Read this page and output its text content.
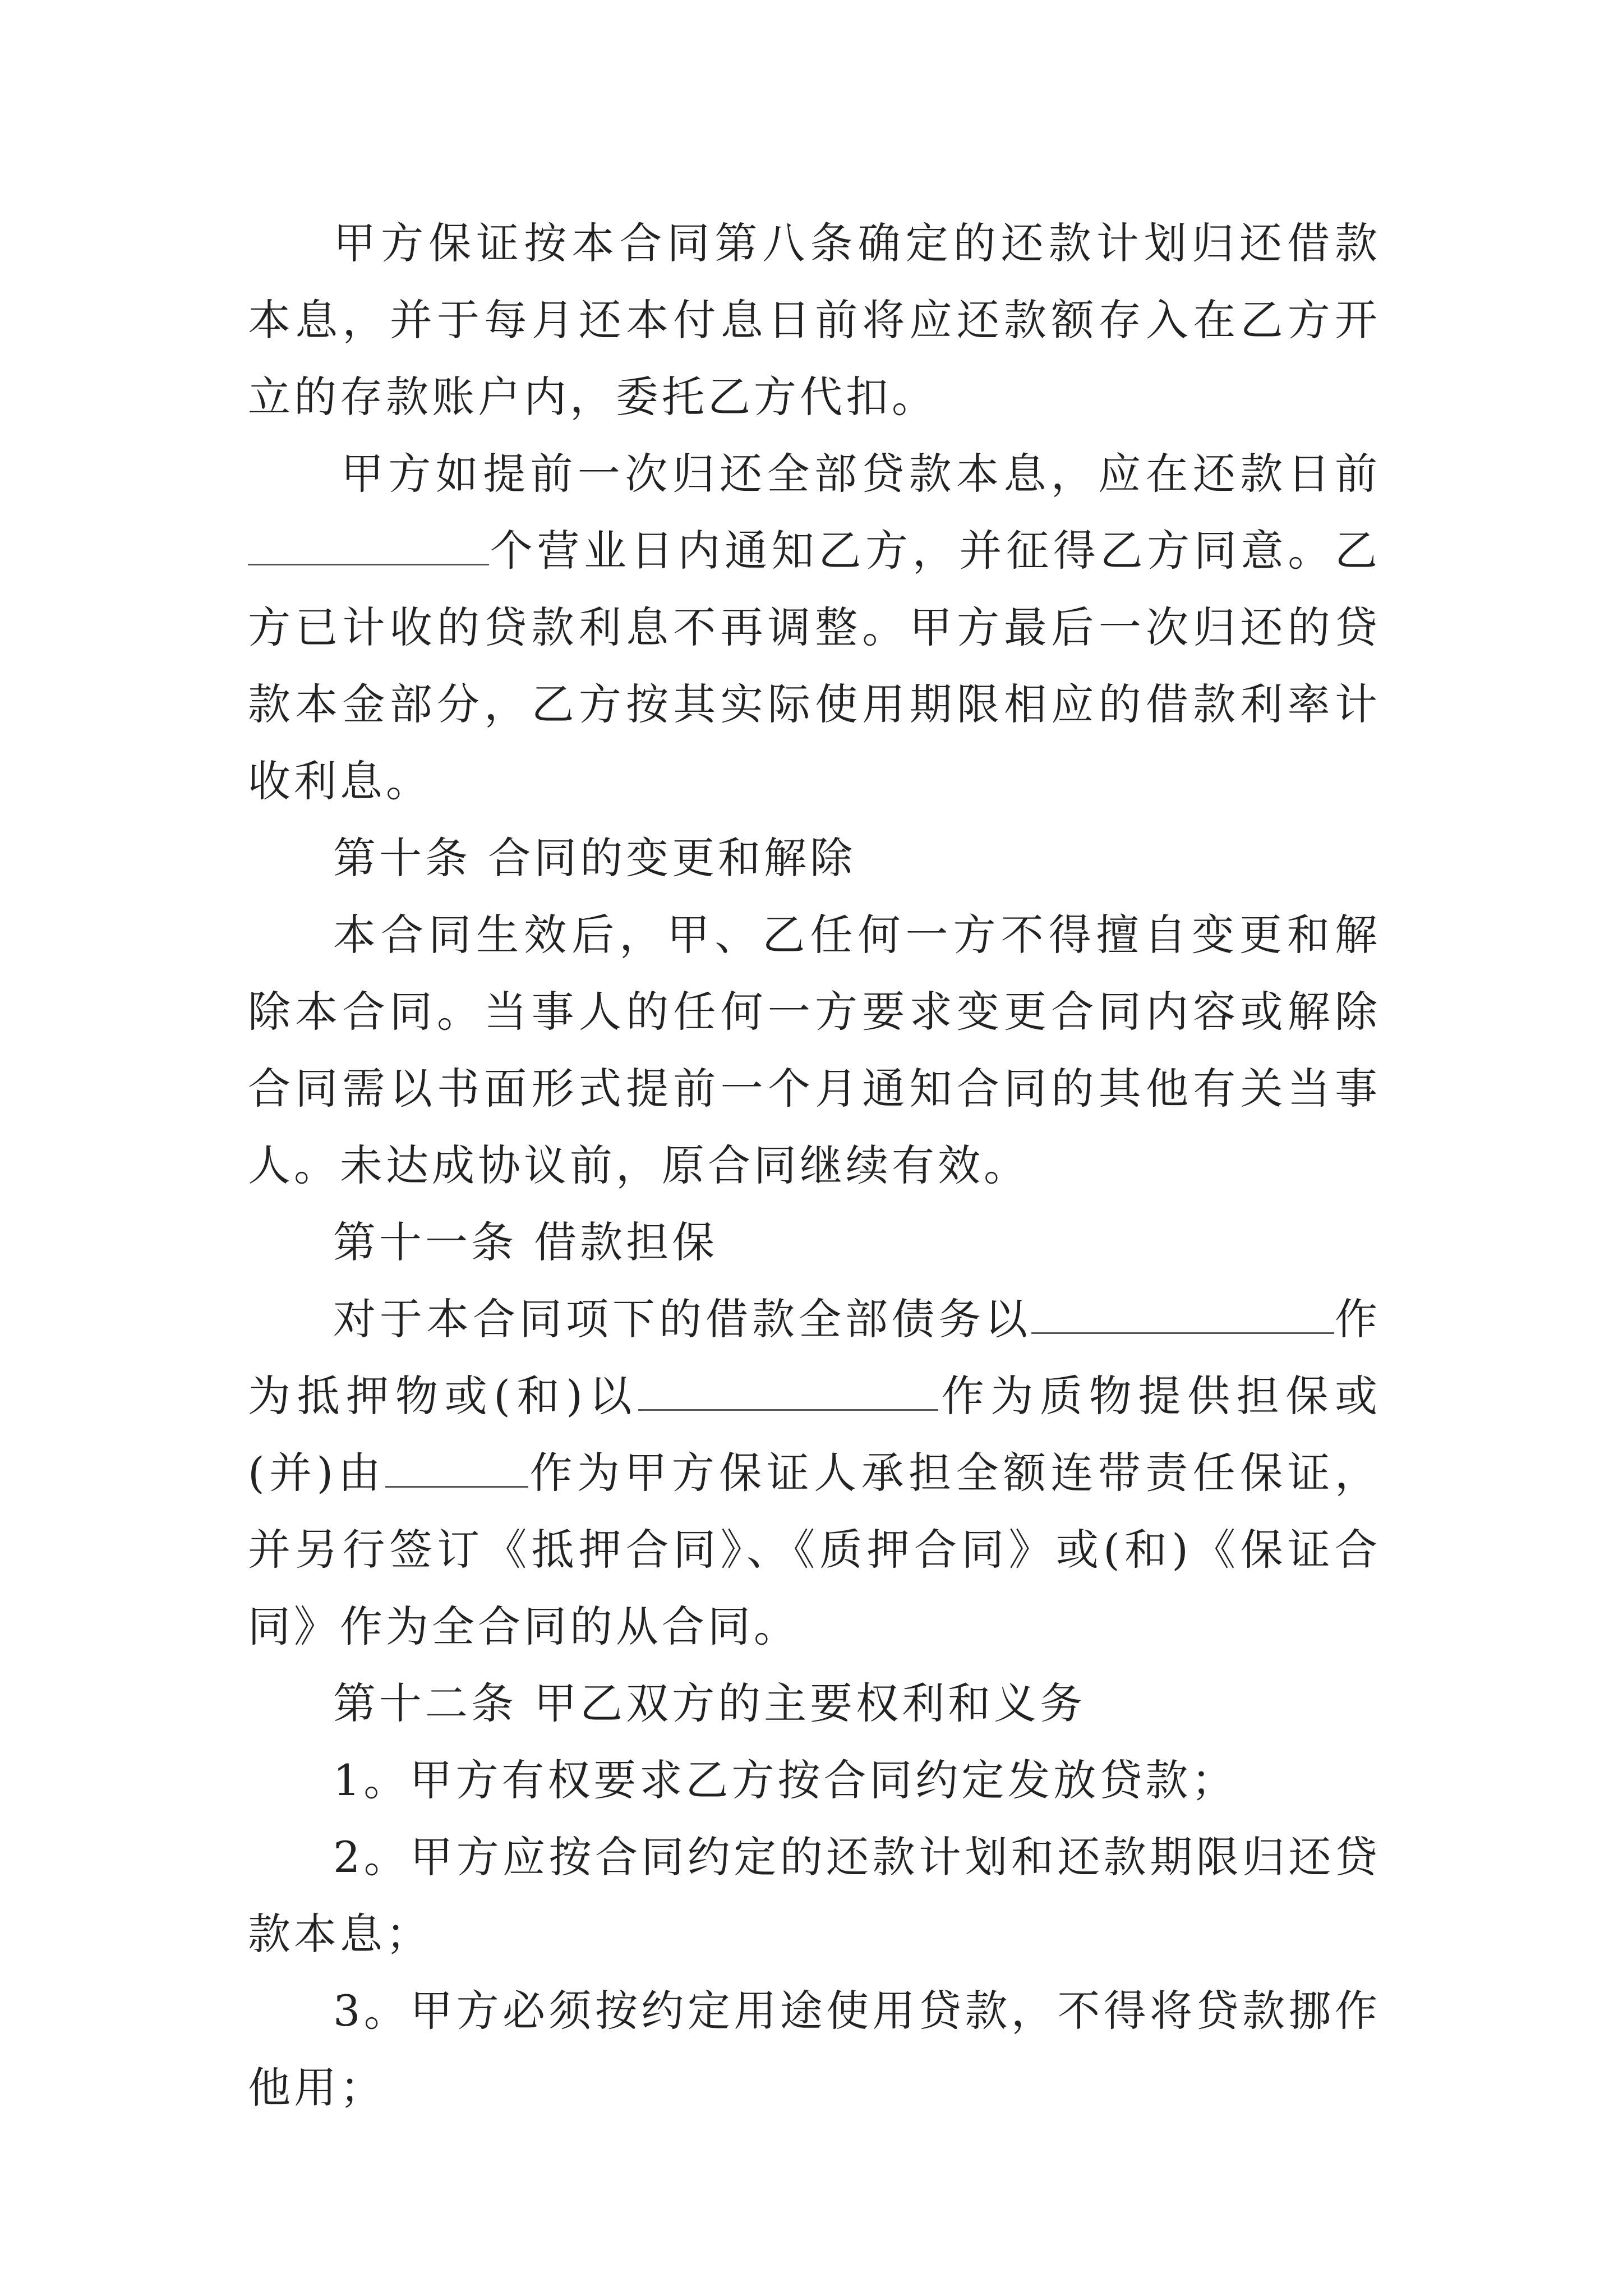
甲方保证按本合同第八条确定的还款计划归还借款本息，并于每月还本付息日前将应还款额存入在乙方开立的存款账户内，委托乙方代扣。

甲方如提前一次归还全部贷款本息，应在还款日前个营业日内通知乙方，并征得乙方同意。乙方已计收的贷款利息不再调整。甲方最后一次归还的贷款本金部分，乙方按其实际使用期限相应的借款利率计收利息。

第十条 合同的变更和解除

本合同生效后，甲、乙任何一方不得擅自变更和解除本合同。当事人的任何一方要求变更合同内容或解除合同需以书面形式提前一个月通知合同的其他有关当事人。未达成协议前，原合同继续有效。

第十一条 借款担保

对于本合同项下的借款全部债务以	作为抵押物或(和)以	作为质物提供担保或(并)由	作为甲方保证人承担全额连带责任保证，并另行签订《抵押合同》、《质押合同》或(和)《保证合同》作为全合同的从合同。

第十二条 甲乙双方的主要权利和义务

1。甲方有权要求乙方按合同约定发放贷款；

2。甲方应按合同约定的还款计划和还款期限归还贷款本息；

3。甲方必须按约定用途使用贷款，不得将贷款挪作他用；
